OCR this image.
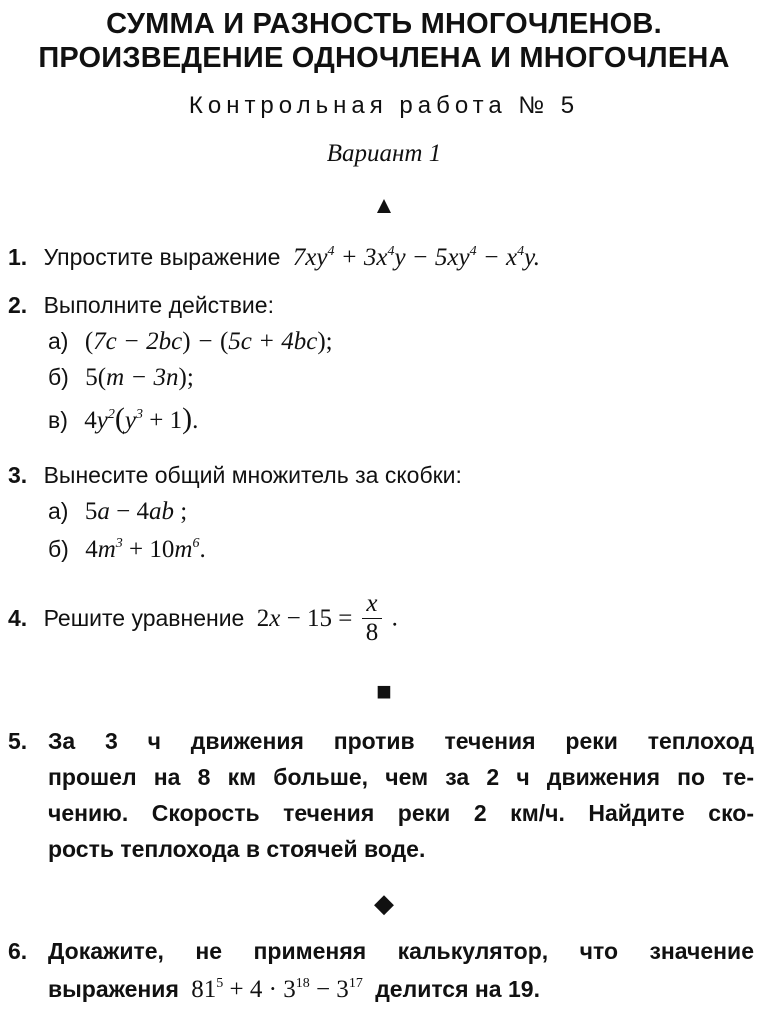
СУММА И РАЗНОСТЬ МНОГОЧЛЕНОВ.
ПРОИЗВЕДЕНИЕ ОДНОЧЛЕНА И МНОГОЧЛЕНА
Контрольная работа № 5
Вариант 1
▲
1. Упростите выражение $7xy^4 + 3x^4y - 5xy^4 - x^4y$.
2. Выполните действие:
а) (7c − 2bc) − (5c + 4bc);
б) 5(m − 3n);
в) $4y^2(y^3 + 1)$.
3. Вынесите общий множитель за скобки:
а) 5a − 4ab ;
б) $4m^3 + 10m^6$.
4. Решите уравнение $2x - 15 = \frac{x}{8}$ .
■
5. За 3 ч движения против течения реки теплоход
прошел на 8 км больше, чем за 2 ч движения по те-
чению. Скорость течения реки 2 км/ч. Найдите ско-
рость теплохода в стоячей воде.
◆
6. Докажите, не применяя калькулятор, что значение
выражения $81^5 + 4 \cdot 3^{18} - 3^{17}$ делится на 19.
